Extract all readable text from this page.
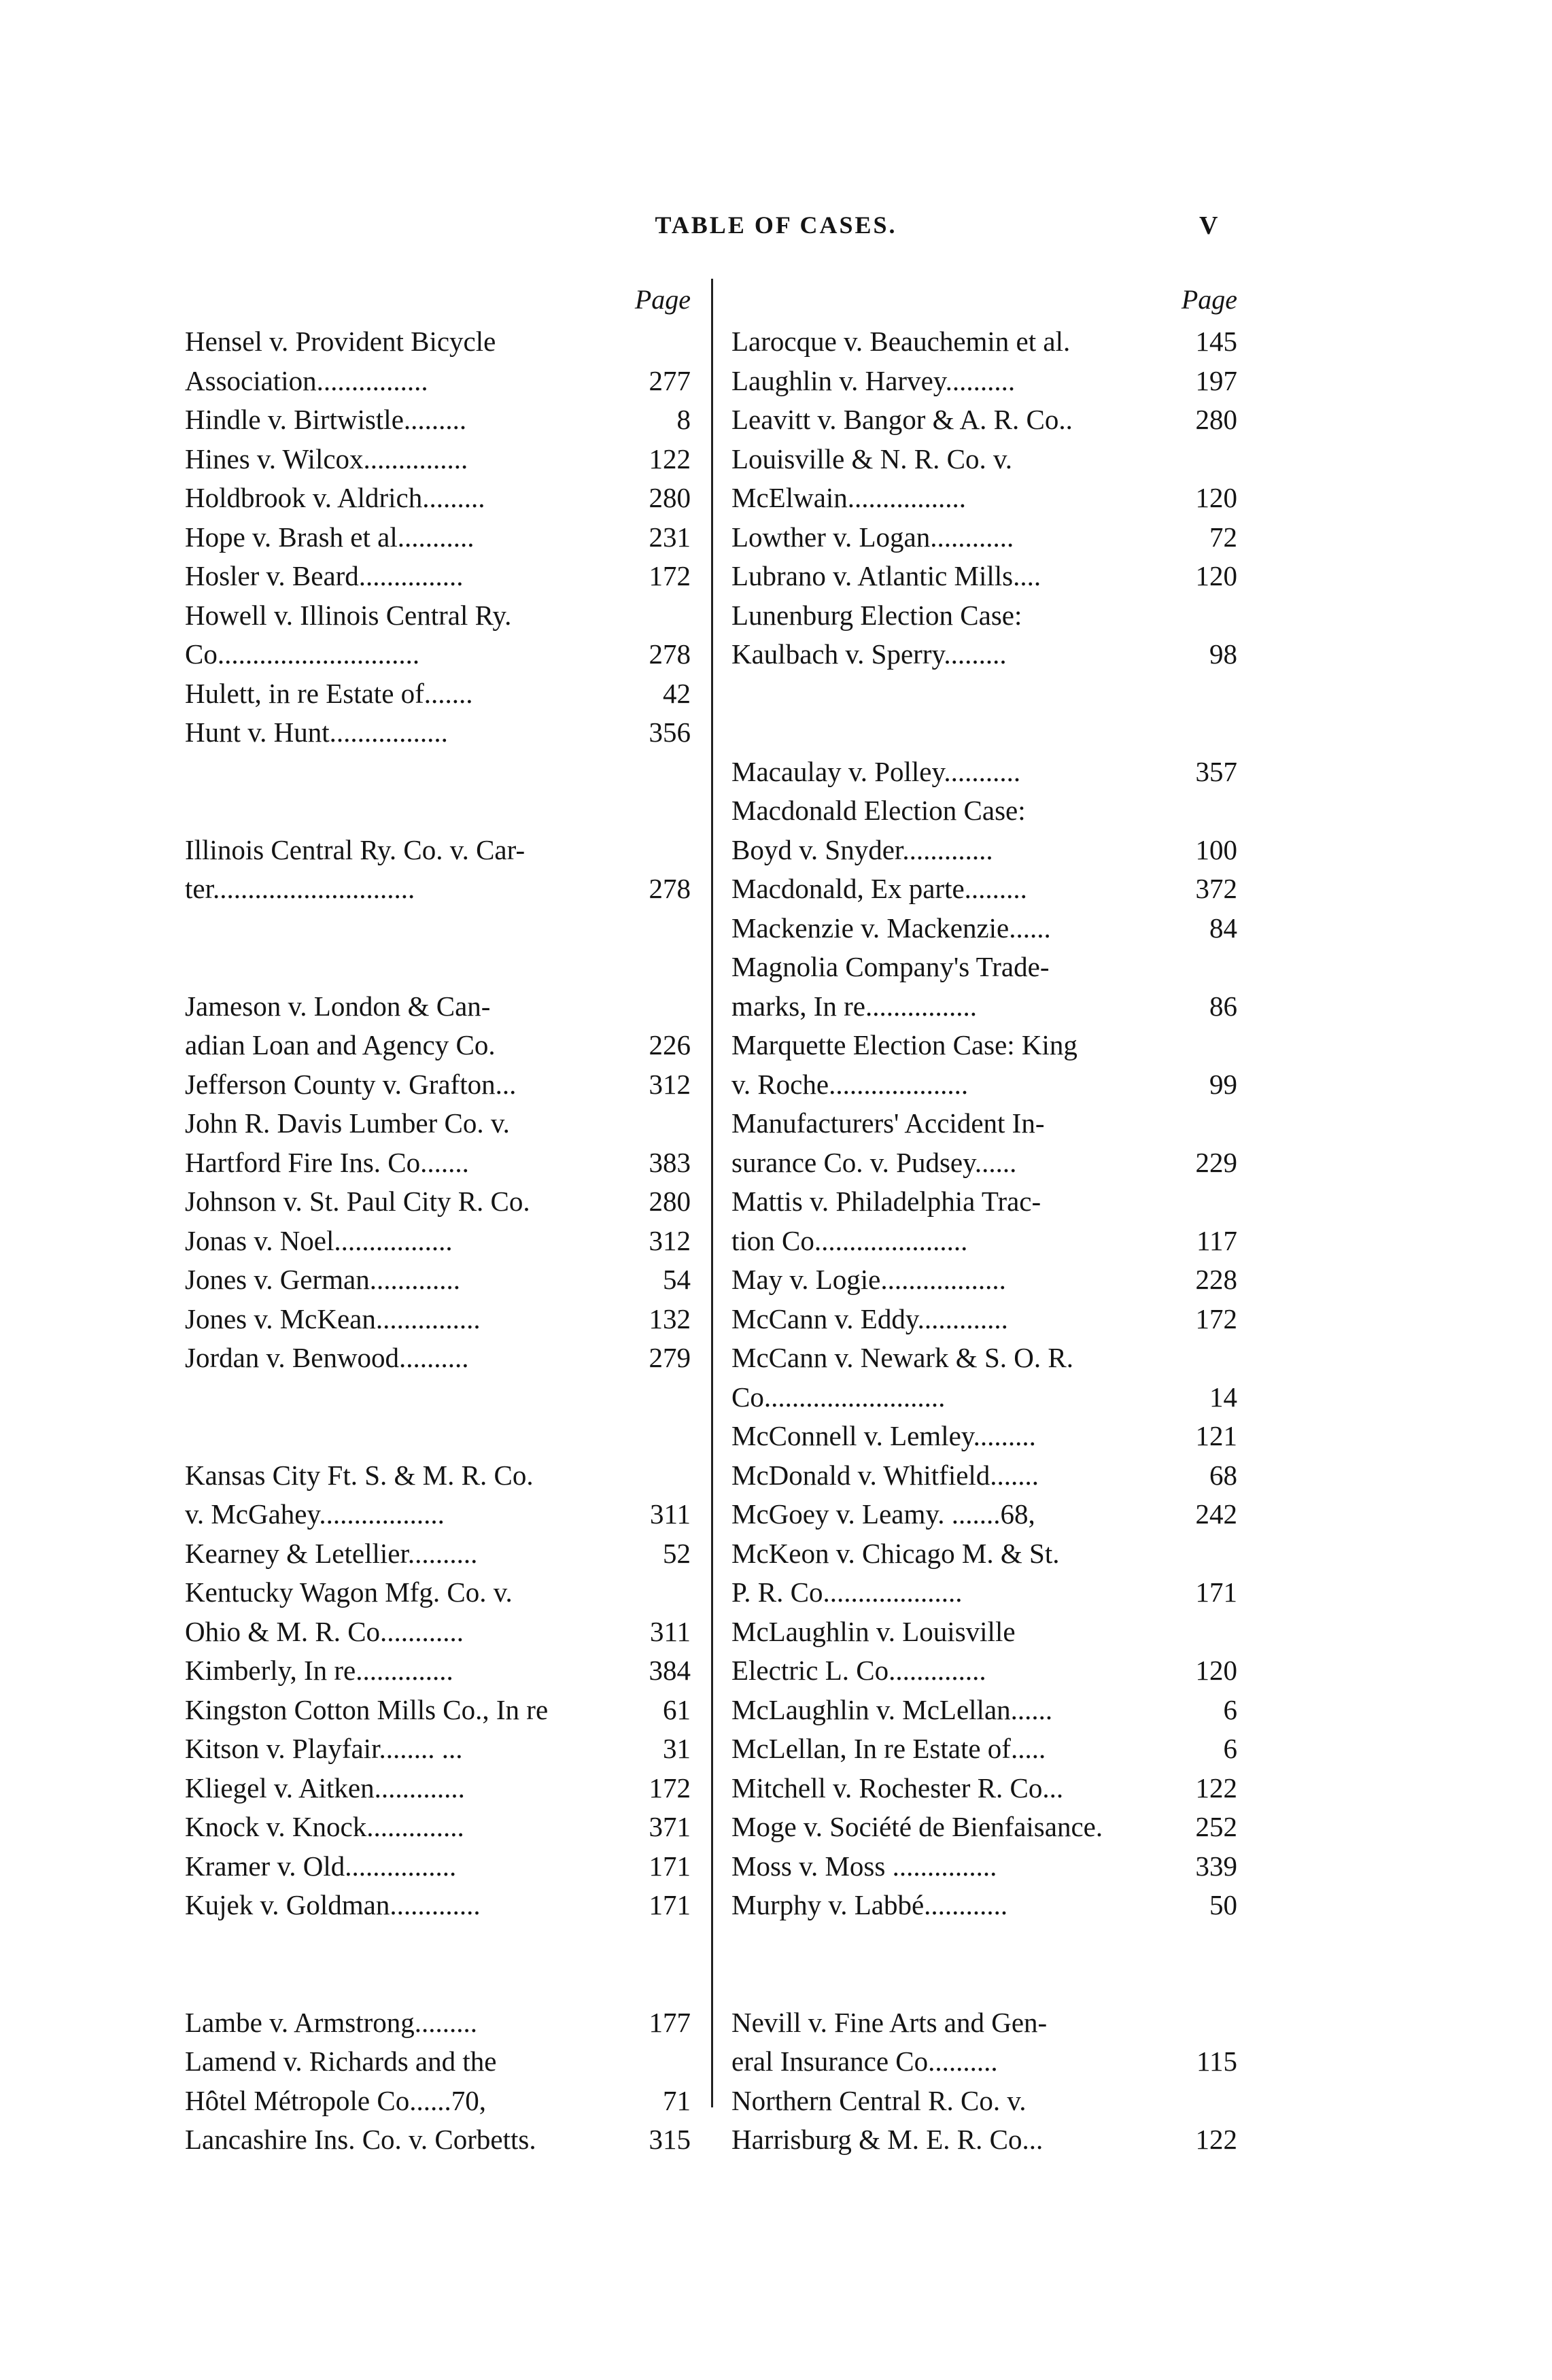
TABLE OF CASES.	V
Page
Hensel v. Provident Bicycle
Association................	277
Hindle v. Birtwistle.........	8
Hines v. Wilcox...............	122
Holdbrook v. Aldrich.........	280
Hope v. Brash et al...........	231
Hosler v. Beard...............	172
Howell v. Illinois Central Ry.
Co.............................	278
Hulett, in re Estate of.......	42
Hunt v. Hunt.................	356
Illinois Central Ry. Co. v. Car-
ter.............................	278
Jameson v. London & Can-
adian Loan and Agency Co.	226
Jefferson County v. Grafton...	312
John R. Davis Lumber Co. v.
Hartford Fire Ins. Co.......	383
Johnson v. St. Paul City R. Co.	280
Jonas v. Noel.................	312
Jones v. German.............	54
Jones v. McKean...............	132
Jordan v. Benwood..........	279
Kansas City Ft. S. & M. R. Co.
v. McGahey..................	311
Kearney & Letellier..........	52
Kentucky Wagon Mfg. Co. v.
Ohio & M. R. Co............	311
Kimberly, In re..............	384
Kingston Cotton Mills Co., In re	61
Kitson v. Playfair........ ...	31
Kliegel v. Aitken.............	172
Knock v. Knock..............	371
Kramer v. Old................	171
Kujek v. Goldman.............	171
Lambe v. Armstrong.........	177
Lamend v. Richards and the
Hôtel Métropole Co......70,	71
Lancashire Ins. Co. v. Corbetts.	315
Page
Larocque v. Beauchemin et al.	145
Laughlin v. Harvey..........	197
Leavitt v. Bangor & A. R. Co..	280
Louisville & N. R. Co. v.
McElwain.................	120
Lowther v. Logan............	72
Lubrano v. Atlantic Mills....	120
Lunenburg Election Case:
Kaulbach v. Sperry.........	98
Macaulay v. Polley...........	357
Macdonald Election Case:
Boyd v. Snyder.............	100
Macdonald, Ex parte.........	372
Mackenzie v. Mackenzie......	84
Magnolia Company's Trade-
marks, In re................	86
Marquette Election Case: King
v. Roche....................	99
Manufacturers' Accident In-
surance Co. v. Pudsey......	229
Mattis v. Philadelphia Trac-
tion Co......................	117
May v. Logie..................	228
McCann v. Eddy.............	172
McCann v. Newark & S. O. R.
Co..........................	14
McConnell v. Lemley.........	121
McDonald v. Whitfield.......	68
McGoey v. Leamy. .......68,	242
McKeon v. Chicago M. & St.
P. R. Co....................	171
McLaughlin v. Louisville
Electric L. Co..............	120
McLaughlin v. McLellan......	6
McLellan, In re Estate of.....	6
Mitchell v. Rochester R. Co...	122
Moge v. Société de Bienfaisance.	252
Moss v. Moss ...............	339
Murphy v. Labbé............	50
Nevill v. Fine Arts and Gen-
eral Insurance Co..........	115
Northern Central R. Co. v.
Harrisburg & M. E. R. Co...	122
